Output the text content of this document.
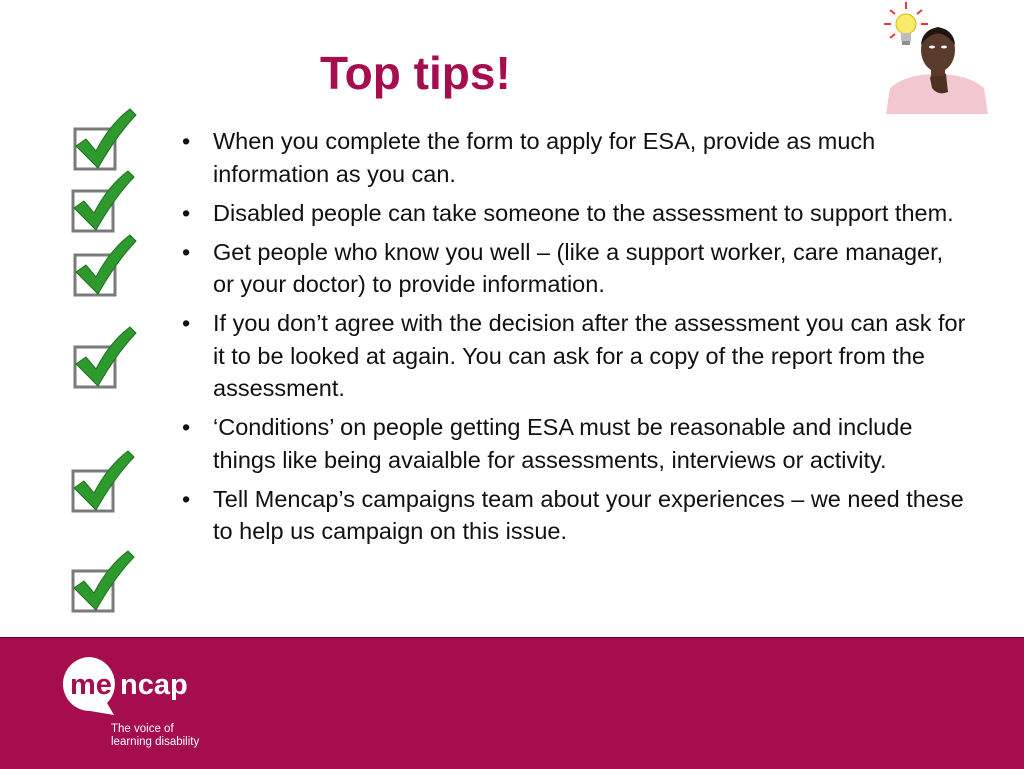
Top tips!
• When you complete the form to apply for ESA, provide as much information as you can.
• Disabled people can take someone to the assessment to support them.
• Get people who know you well – (like a support worker, care manager, or your doctor) to provide information.
• If you don’t agree with the decision after the assessment you can ask for it to be looked at again. You can ask for a copy of the report from the assessment.
• ‘Conditions’ on people getting ESA must be reasonable and include things like being avaialble for assessments, interviews or activity.
• Tell Mencap’s campaigns team about your experiences – we need these to help us campaign on this issue.
me ncap
The voice of
learning disability
